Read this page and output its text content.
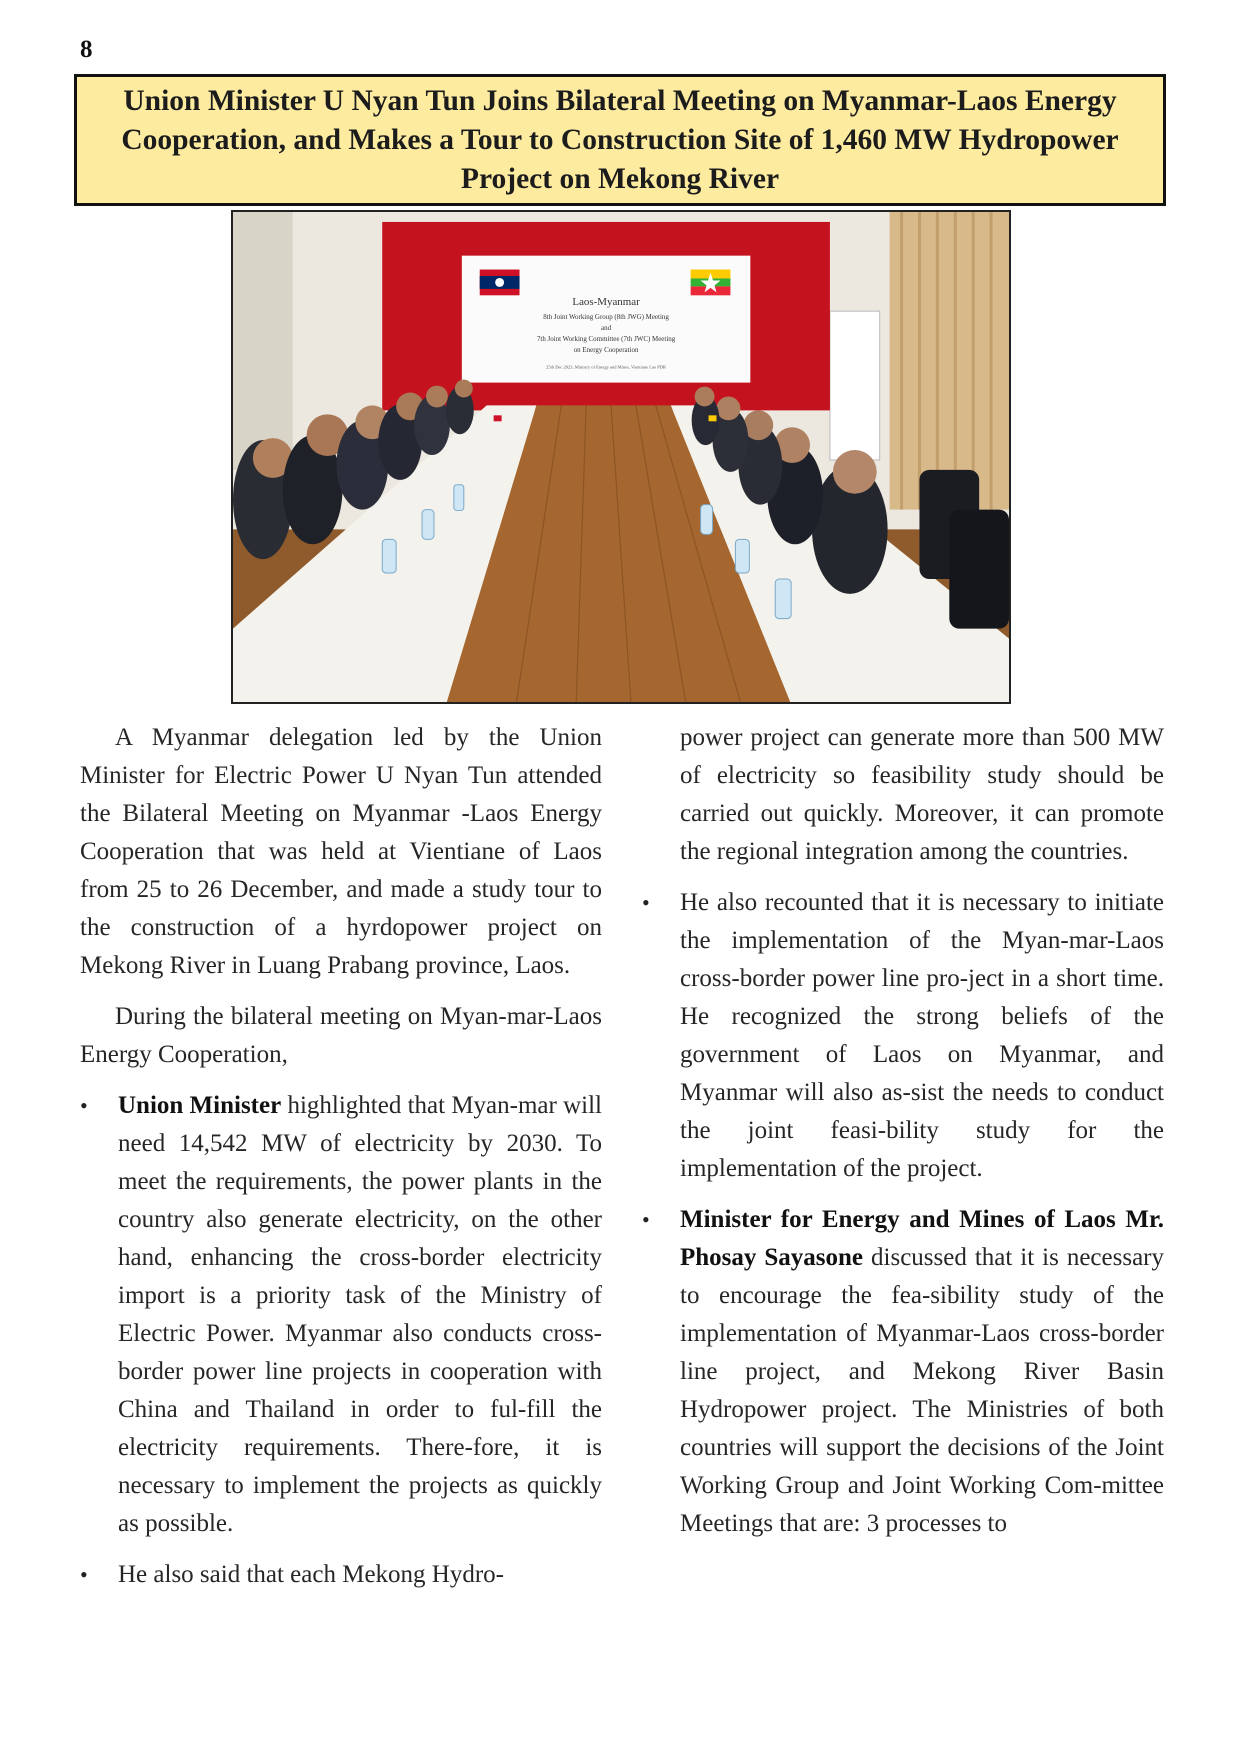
8
Union Minister U Nyan Tun Joins Bilateral Meeting on Myanmar-Laos Energy Cooperation, and Makes a Tour to Construction Site of 1,460 MW Hydropower Project on Mekong River
Laos-Myanmar
8th Joint Working Group (8th JWG) Meeting
and
7th Joint Working Committee (7th JWC) Meeting
on Energy Cooperation
25th Dec 2023, Ministry of Energy and Mines, Vientiane Lao PDR

A Myanmar delegation led by the Union Minister for Electric Power U Nyan Tun attended the Bilateral Meeting on Myanmar -Laos Energy Cooperation that was held at Vientiane of Laos from 25 to 26 December, and made a study tour to the construction of a hyrdopower project on Mekong River in Luang Prabang province, Laos.

During the bilateral meeting on Myan-mar-Laos Energy Cooperation,

• Union Minister highlighted that Myan-mar will need 14,542 MW of electricity by 2030. To meet the requirements, the power plants in the country also generate electricity, on the other hand, enhancing the cross-border electricity import is a priority task of the Ministry of Electric Power. Myanmar also conducts cross-border power line projects in cooperation with China and Thailand in order to ful-fill the electricity requirements. There-fore, it is necessary to implement the projects as quickly as possible.

• He also said that each Mekong Hydro-

power project can generate more than 500 MW of electricity so feasibility study should be carried out quickly. Moreover, it can promote the regional integration among the countries.

• He also recounted that it is necessary to initiate the implementation of the Myan-mar-Laos cross-border power line pro-ject in a short time. He recognized the strong beliefs of the government of Laos on Myanmar, and Myanmar will also as-sist the needs to conduct the joint feasi-bility study for the implementation of the project.

• Minister for Energy and Mines of Laos Mr. Phosay Sayasone discussed that it is necessary to encourage the fea-sibility study of the implementation of Myanmar-Laos cross-border line project, and Mekong River Basin Hydropower project. The Ministries of both countries will support the decisions of the Joint Working Group and Joint Working Com-mittee Meetings that are: 3 processes to
